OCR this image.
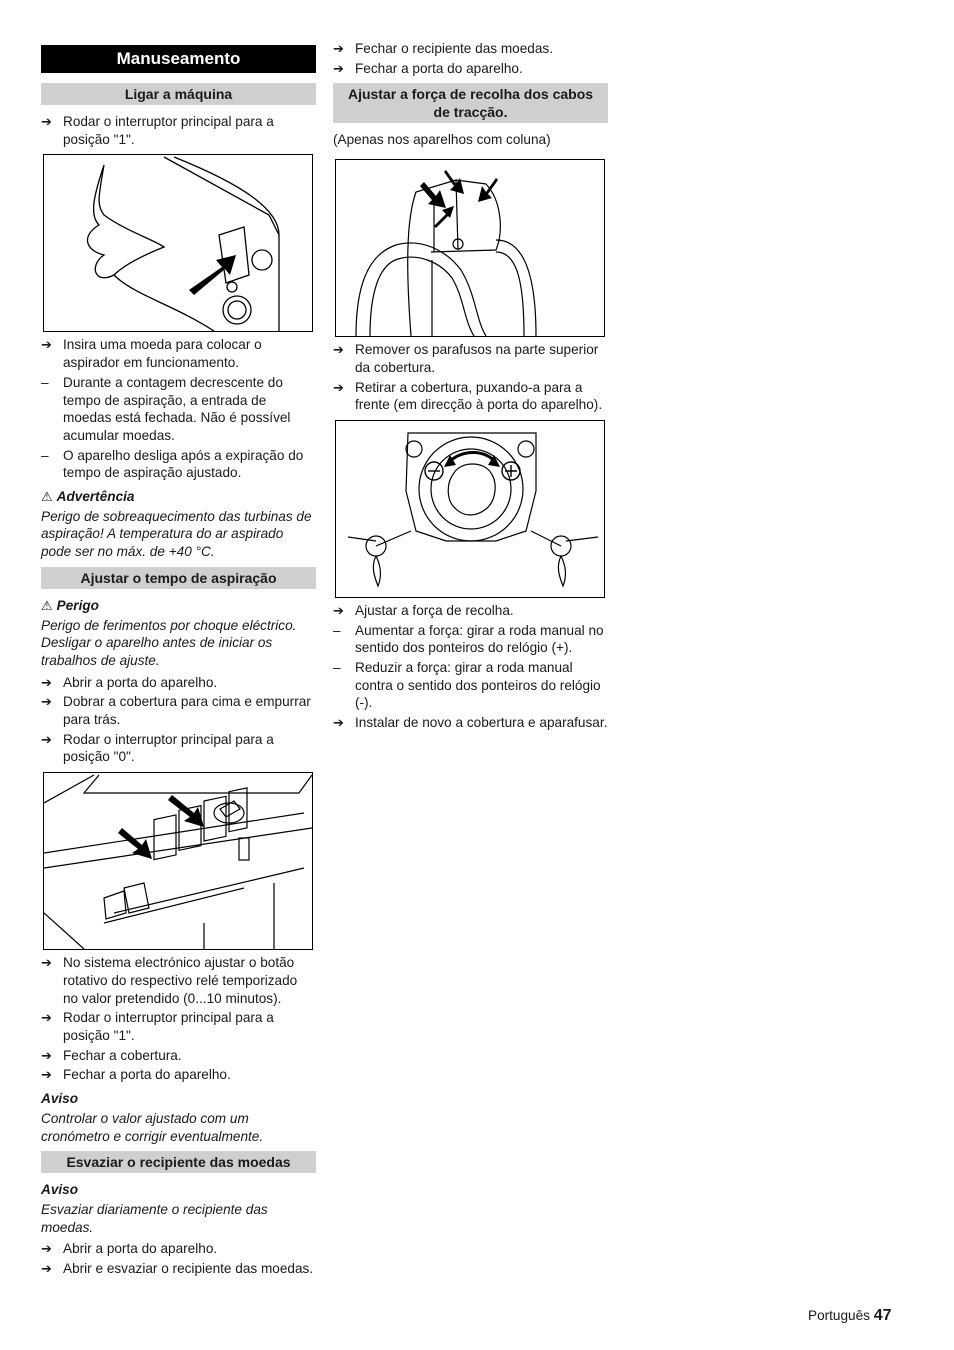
Manuseamento
Ligar a máquina
➔ Rodar o interruptor principal para a posição "1".
➔ Insira uma moeda para colocar o aspirador em funcionamento.
–	Durante a contagem decrescente do tempo de aspiração, a entrada de moedas está fechada. Não é possível acumular moedas.
–	O aparelho desliga após a expiração do tempo de aspiração ajustado.
⚠ Advertência
Perigo de sobreaquecimento das turbinas de aspiração! A temperatura do ar aspirado pode ser no máx. de +40 °C.
Ajustar o tempo de aspiração
⚠ Perigo
Perigo de ferimentos por choque eléctrico. Desligar o aparelho antes de iniciar os trabalhos de ajuste.
➔ Abrir a porta do aparelho.
➔ Dobrar a cobertura para cima e empurrar para trás.
➔ Rodar o interruptor principal para a posição "0".
➔ No sistema electrónico ajustar o botão rotativo do respectivo relé temporizado no valor pretendido (0...10 minutos).
➔ Rodar o interruptor principal para a posição "1".
➔ Fechar a cobertura.
➔ Fechar a porta do aparelho.
Aviso
Controlar o valor ajustado com um cronómetro e corrigir eventualmente.
Esvaziar o recipiente das moedas
Aviso
Esvaziar diariamente o recipiente das moedas.
➔ Abrir a porta do aparelho.
➔ Abrir e esvaziar o recipiente das moedas.
➔ Fechar o recipiente das moedas.
➔ Fechar a porta do aparelho.
Ajustar a força de recolha dos cabos de tracção.
(Apenas nos aparelhos com coluna)
➔ Remover os parafusos na parte superior da cobertura.
➔ Retirar a cobertura, puxando-a para a frente (em direcção à porta do aparelho).
➔ Ajustar a força de recolha.
–	Aumentar a força: girar a roda manual no sentido dos ponteiros do relógio (+).
–	Reduzir a força: girar a roda manual contra o sentido dos ponteiros do relógio (-).
➔ Instalar de novo a cobertura e aparafusar.
Português 47
